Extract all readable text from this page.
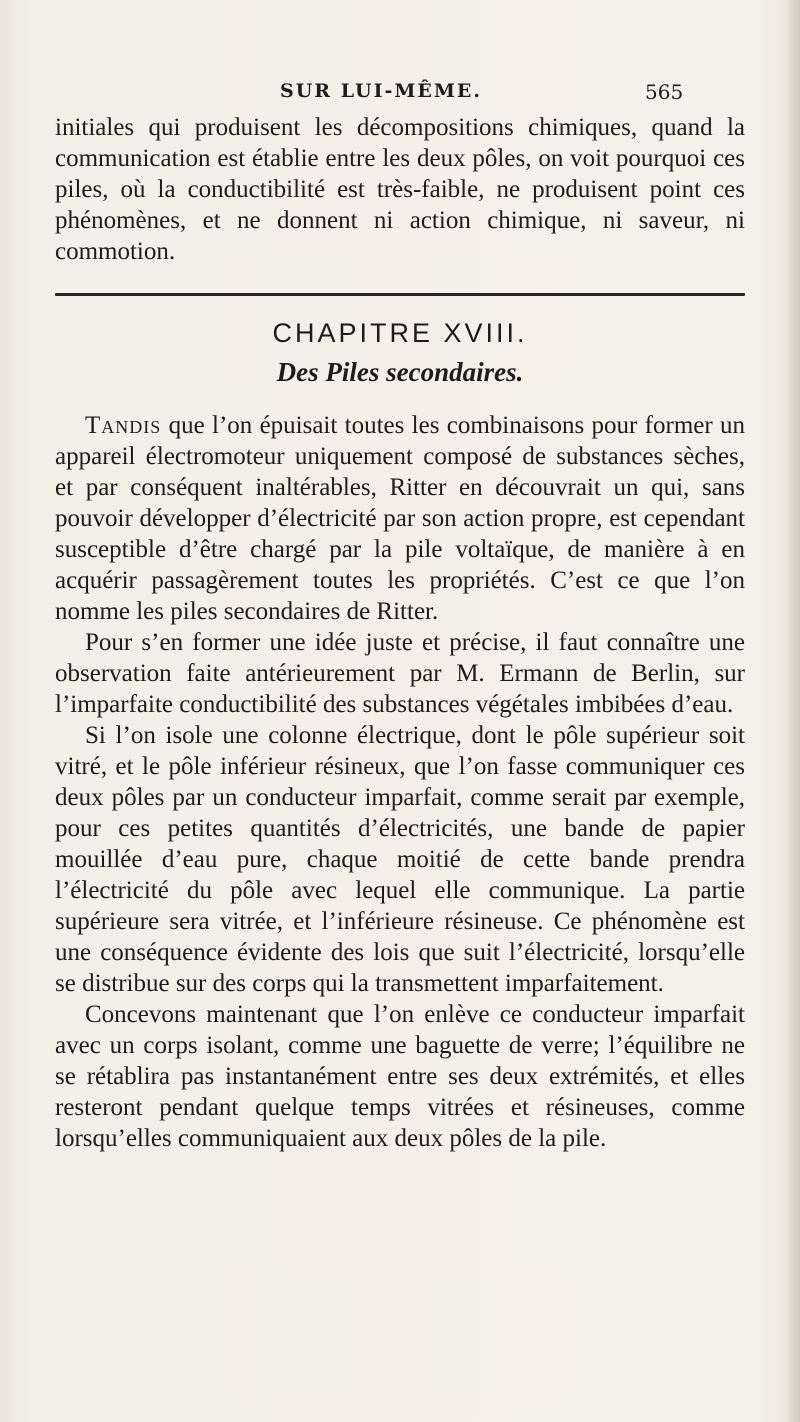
SUR LUI-MÊME.	565

initiales qui produisent les décompositions chimiques, quand la communication est établie entre les deux pôles, on voit pourquoi ces piles, où la conductibilité est très-faible, ne produisent point ces phénomènes, et ne donnent ni action chimique, ni saveur, ni commotion.

CHAPITRE XVIII.
Des Piles secondaires.

Tandis que l’on épuisait toutes les combinaisons pour former un appareil électromoteur uniquement composé de substances sèches, et par conséquent inaltérables, Ritter en découvrait un qui, sans pouvoir développer d’électricité par son action propre, est cependant susceptible d’être chargé par la pile voltaïque, de manière à en acquérir passagèrement toutes les propriétés. C’est ce que l’on nomme les piles secondaires de Ritter.

Pour s’en former une idée juste et précise, il faut connaître une observation faite antérieurement par M. Ermann de Berlin, sur l’imparfaite conductibilité des substances végétales imbibées d’eau.

Si l’on isole une colonne électrique, dont le pôle supérieur soit vitré, et le pôle inférieur résineux, que l’on fasse communiquer ces deux pôles par un conducteur imparfait, comme serait par exemple, pour ces petites quantités d’électricités, une bande de papier mouillée d’eau pure, chaque moitié de cette bande prendra l’électricité du pôle avec lequel elle communique. La partie supérieure sera vitrée, et l’inférieure résineuse. Ce phénomène est une conséquence évidente des lois que suit l’électricité, lorsqu’elle se distribue sur des corps qui la transmettent imparfaitement.

Concevons maintenant que l’on enlève ce conducteur imparfait avec un corps isolant, comme une baguette de verre; l’équilibre ne se rétablira pas instantanément entre ses deux extrémités, et elles resteront pendant quelque temps vitrées et résineuses, comme lorsqu’elles communiquaient aux deux pôles de la pile.
